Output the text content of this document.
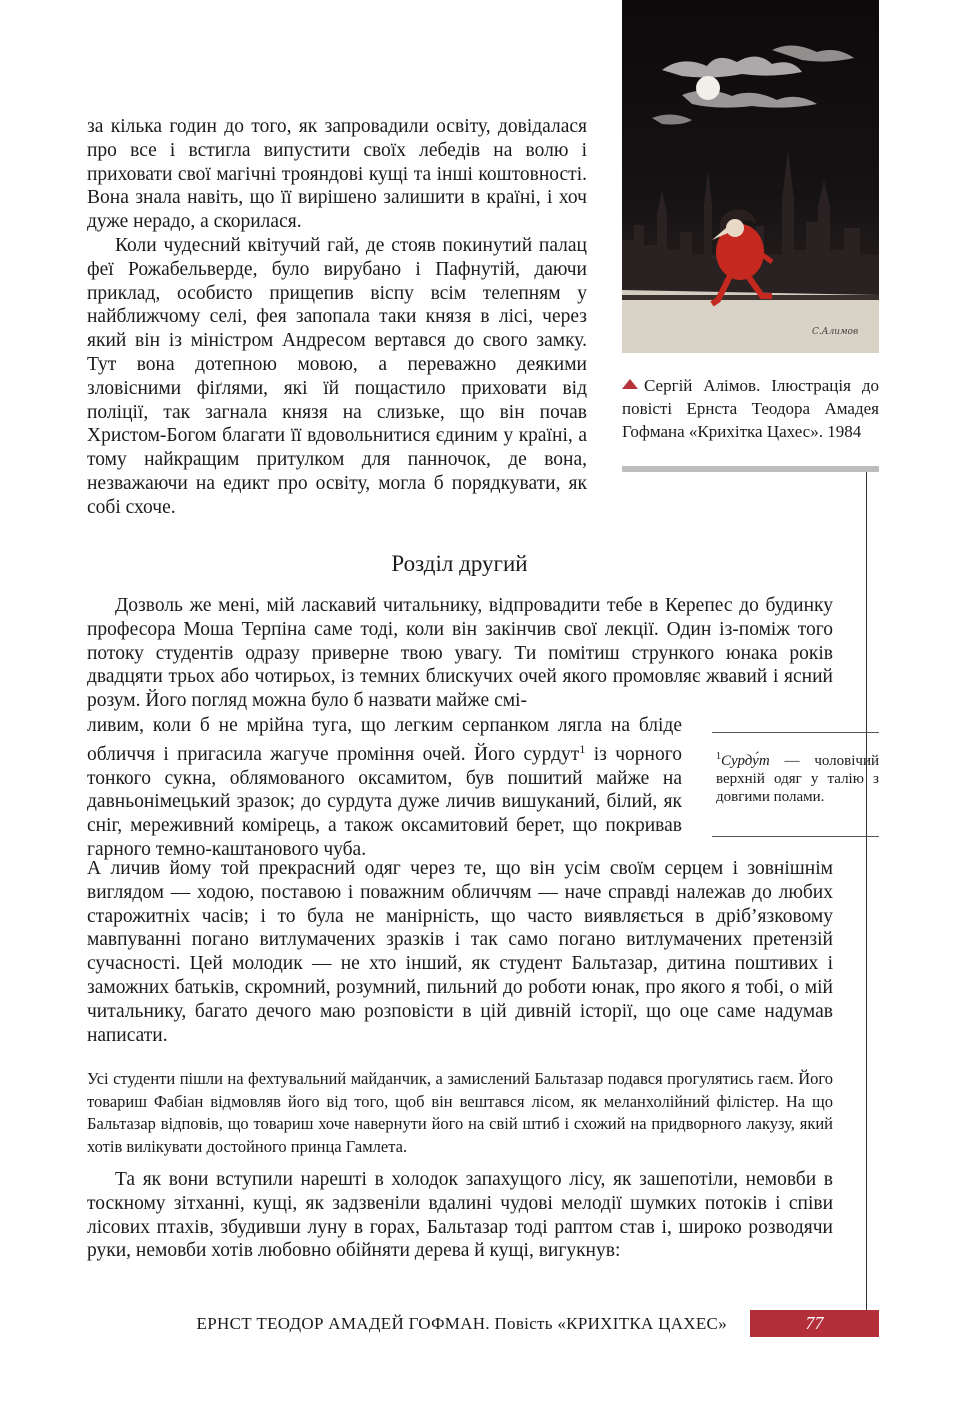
С.Алимов
Сергій Алімов. Ілюстрація до повісті Ернста Теодора Амадея Гофмана «Крихітка Цахес». 1984

за кілька годин до того, як запровадили освіту, довідалася про все і встигла випустити своїх лебедів на волю і приховати свої магічні трояндові кущі та інші коштовності. Вона знала навіть, що її вирішено залишити в країні, і хоч дуже нерадо, а скорилася.

Коли чудесний квітучий гай, де стояв покинутий палац феї Рожабельверде, було вирубано і Пафнутій, даючи приклад, особисто прищепив віспу всім телепням у найближчому селі, фея запопала таки князя в лісі, через який він із міністром Андресом вертався до свого замку. Тут вона дотепною мовою, а переважно деякими зловісними фіґлями, які їй пощастило приховати від поліції, так загнала князя на слизьке, що він почав Христом-Богом благати її вдовольнитися єдиним у країні, а тому найкращим притулком для панночок, де вона, незважаючи на едикт про освіту, могла б порядкувати, як собі схоче.

Розділ другий
Дозволь же мені, мій ласкавий читальнику, відпровадити тебе в Керепес до будинку професора Моша Терпіна саме тоді, коли він закінчив свої лекції. Один із-поміж того потоку студентів одразу приверне твою увагу. Ти помітиш стрункого юнака років двадцяти трьох або чотирьох, із темних блискучих очей якого промовляє жвавий і ясний розум. Його погляд можна було б назвати майже смі-
ливим, коли б не мрійна туга, що легким серпанком лягла на бліде обличчя і пригасила жагуче проміння очей. Його сурдут$^1$ із чорного тонкого сукна, облямованого оксамитом, був пошитий майже на давньонімецький зразок; до сурдута дуже личив вишуканий, білий, як сніг, мереживний комірець, а також оксамитовий берет, що покривав гарного темно-каштанового чуба.
А личив йому той прекрасний одяг через те, що він усім своїм серцем і зовнішнім виглядом — ходою, поставою і поважним обличчям — наче справді належав до любих старожитніх часів; і то була не манірність, що часто виявляється в дріб’язковому мавпуванні погано витлумачених зразків і так само погано витлумачених претензій сучасності. Цей молодик — не хто інший, як студент Бальтазар, дитина поштивих і заможних батьків, скромний, розумний, пильний до роботи юнак, про якого я тобі, о мій читальнику, багато дечого маю розповісти в цій дивній історії, що оце саме надумав написати.
$^1$Сурду́т — чоловічий верхній одяг у талію з довгими полами.
Усі студенти пішли на фехтувальний майданчик, а замислений Бальтазар подався прогулятись гаєм. Його товариш Фабіан відмовляв його від того, щоб він вештався лісом, як меланхолійний філістер. На що Бальтазар відповів, що товариш хоче навернути його на свій штиб і схожий на придворного лакузу, який хотів вилікувати достойного принца Гамлета.
Та як вони вступили нарешті в холодок запахущого лісу, як зашепотіли, немовби в тоскному зітханні, кущі, як задзвеніли вдалині чудові мелодії шумких потоків і співи лісових птахів, збудивши луну в горах, Бальтазар тоді раптом став і, широко розводячи руки, немовби хотів любовно обійняти дерева й кущі, вигукнув:
ЕРНСТ ТЕОДОР АМАДЕЙ ГОФМАН. Повість «КРИХІТКА ЦАХЕС»	77
